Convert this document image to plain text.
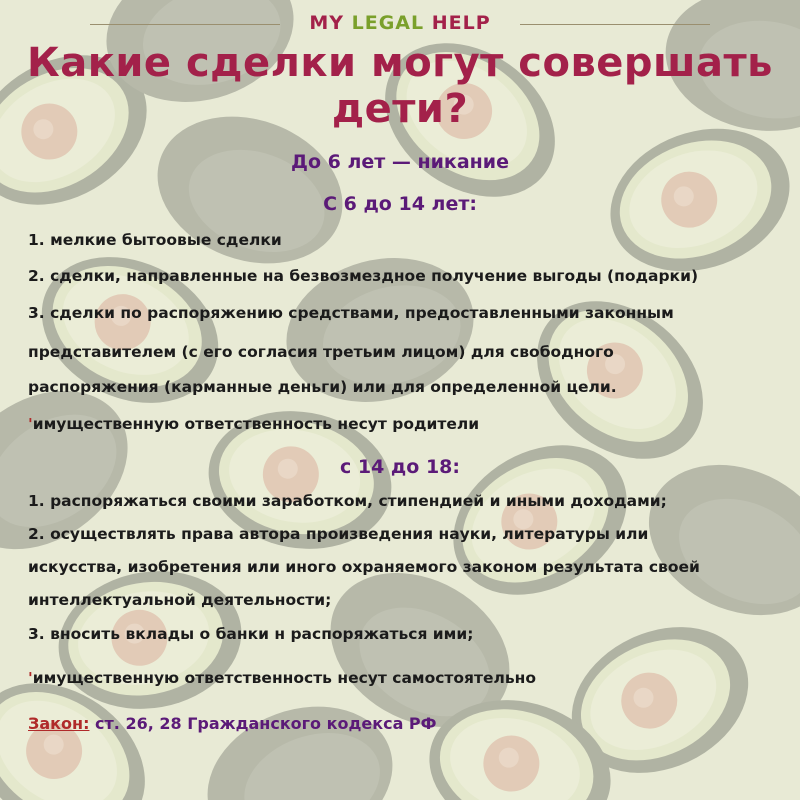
MY LEGAL HELP
Какие сделки могут совершать
дети?
До 6 лет — никание
С 6 до 14 лет:
1. мелкие бытоовые сделки
2. сделки, направленные на безвозмездное получение выгоды (подарки)
3. сделки по распоряжению средствами, предоставленными законным
представителем (с его согласия третьим лицом) для свободного
распоряжения (карманные деньги) или для определенной цели.
'имущественную ответственность несут родители
с 14 до 18:
1. распоряжаться своими заработком, стипендией и иными доходами;
2. осуществлять права автора произведения науки, литературы или
искусства, изобретения или иного охраняемого законом результата своей
интеллектуальной деятельности;
3. вносить вклады о банки н распоряжаться ими;
'имущественную ответственность несут самостоятельно
Закон: ст. 26, 28 Гражданского кодекса РФ
